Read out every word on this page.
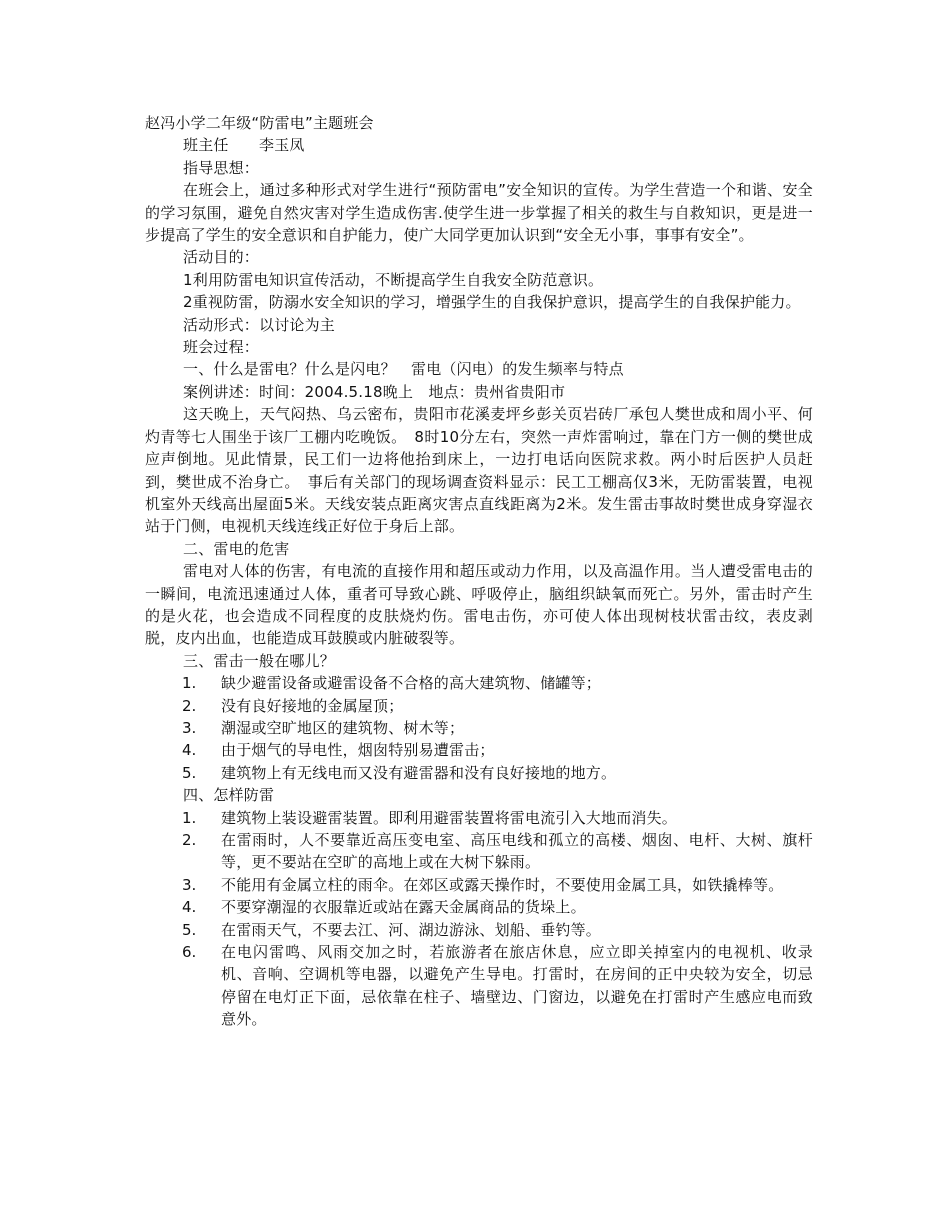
赵冯小学二年级“防雷电”主题班会

班主任　　李玉凤

指导思想：

在班会上，通过多种形式对学生进行“预防雷电”安全知识的宣传。为学生营造一个和谐、安全的学习氛围，避免自然灾害对学生造成伤害.使学生进一步掌握了相关的救生与自救知识，更是进一步提高了学生的安全意识和自护能力，使广大同学更加认识到“安全无小事，事事有安全”。

活动目的：

1利用防雷电知识宣传活动，不断提高学生自我安全防范意识。

2重视防雷，防溺水安全知识的学习，增强学生的自我保护意识，提高学生的自我保护能力。

活动形式：以讨论为主

班会过程：

一、什么是雷电？什么是闪电？　雷电（闪电）的发生频率与特点

案例讲述：时间：2004.5.18晚上　地点：贵州省贵阳市

这天晚上，天气闷热、乌云密布，贵阳市花溪麦坪乡彭关页岩砖厂承包人樊世成和周小平、何灼青等七人围坐于该厂工棚内吃晚饭。　8时10分左右，突然一声炸雷响过，靠在门方一侧的樊世成应声倒地。见此情景，民工们一边将他抬到床上，一边打电话向医院求救。两小时后医护人员赶到，樊世成不治身亡。　事后有关部门的现场调查资料显示：民工工棚高仅3米，无防雷装置，电视机室外天线高出屋面5米。天线安装点距离灾害点直线距离为2米。发生雷击事故时樊世成身穿湿衣站于门侧，电视机天线连线正好位于身后上部。

二、雷电的危害

雷电对人体的伤害，有电流的直接作用和超压或动力作用，以及高温作用。当人遭受雷电击的一瞬间，电流迅速通过人体，重者可导致心跳、呼吸停止，脑组织缺氧而死亡。另外，雷击时产生的是火花，也会造成不同程度的皮肤烧灼伤。雷电击伤，亦可使人体出现树枝状雷击纹，表皮剥脱，皮内出血，也能造成耳鼓膜或内脏破裂等。

三、雷击一般在哪儿？

1.	缺少避雷设备或避雷设备不合格的高大建筑物、储罐等；
2.	没有良好接地的金属屋顶；
3.	潮湿或空旷地区的建筑物、树木等；
4.	由于烟气的导电性，烟囱特别易遭雷击；
5.	建筑物上有无线电而又没有避雷器和没有良好接地的地方。

四、怎样防雷

1.	建筑物上装设避雷装置。即利用避雷装置将雷电流引入大地而消失。
2.	在雷雨时，人不要靠近高压变电室、高压电线和孤立的高楼、烟囱、电杆、大树、旗杆等，更不要站在空旷的高地上或在大树下躲雨。
3.	不能用有金属立柱的雨伞。在郊区或露天操作时，不要使用金属工具，如铁撬棒等。
4.	不要穿潮湿的衣服靠近或站在露天金属商品的货垛上。
5.	在雷雨天气，不要去江、河、湖边游泳、划船、垂钓等。
6.	在电闪雷鸣、风雨交加之时，若旅游者在旅店休息，应立即关掉室内的电视机、收录机、音响、空调机等电器，以避免产生导电。打雷时，在房间的正中央较为安全，切忌停留在电灯正下面，忌依靠在柱子、墙壁边、门窗边，以避免在打雷时产生感应电而致意外。
